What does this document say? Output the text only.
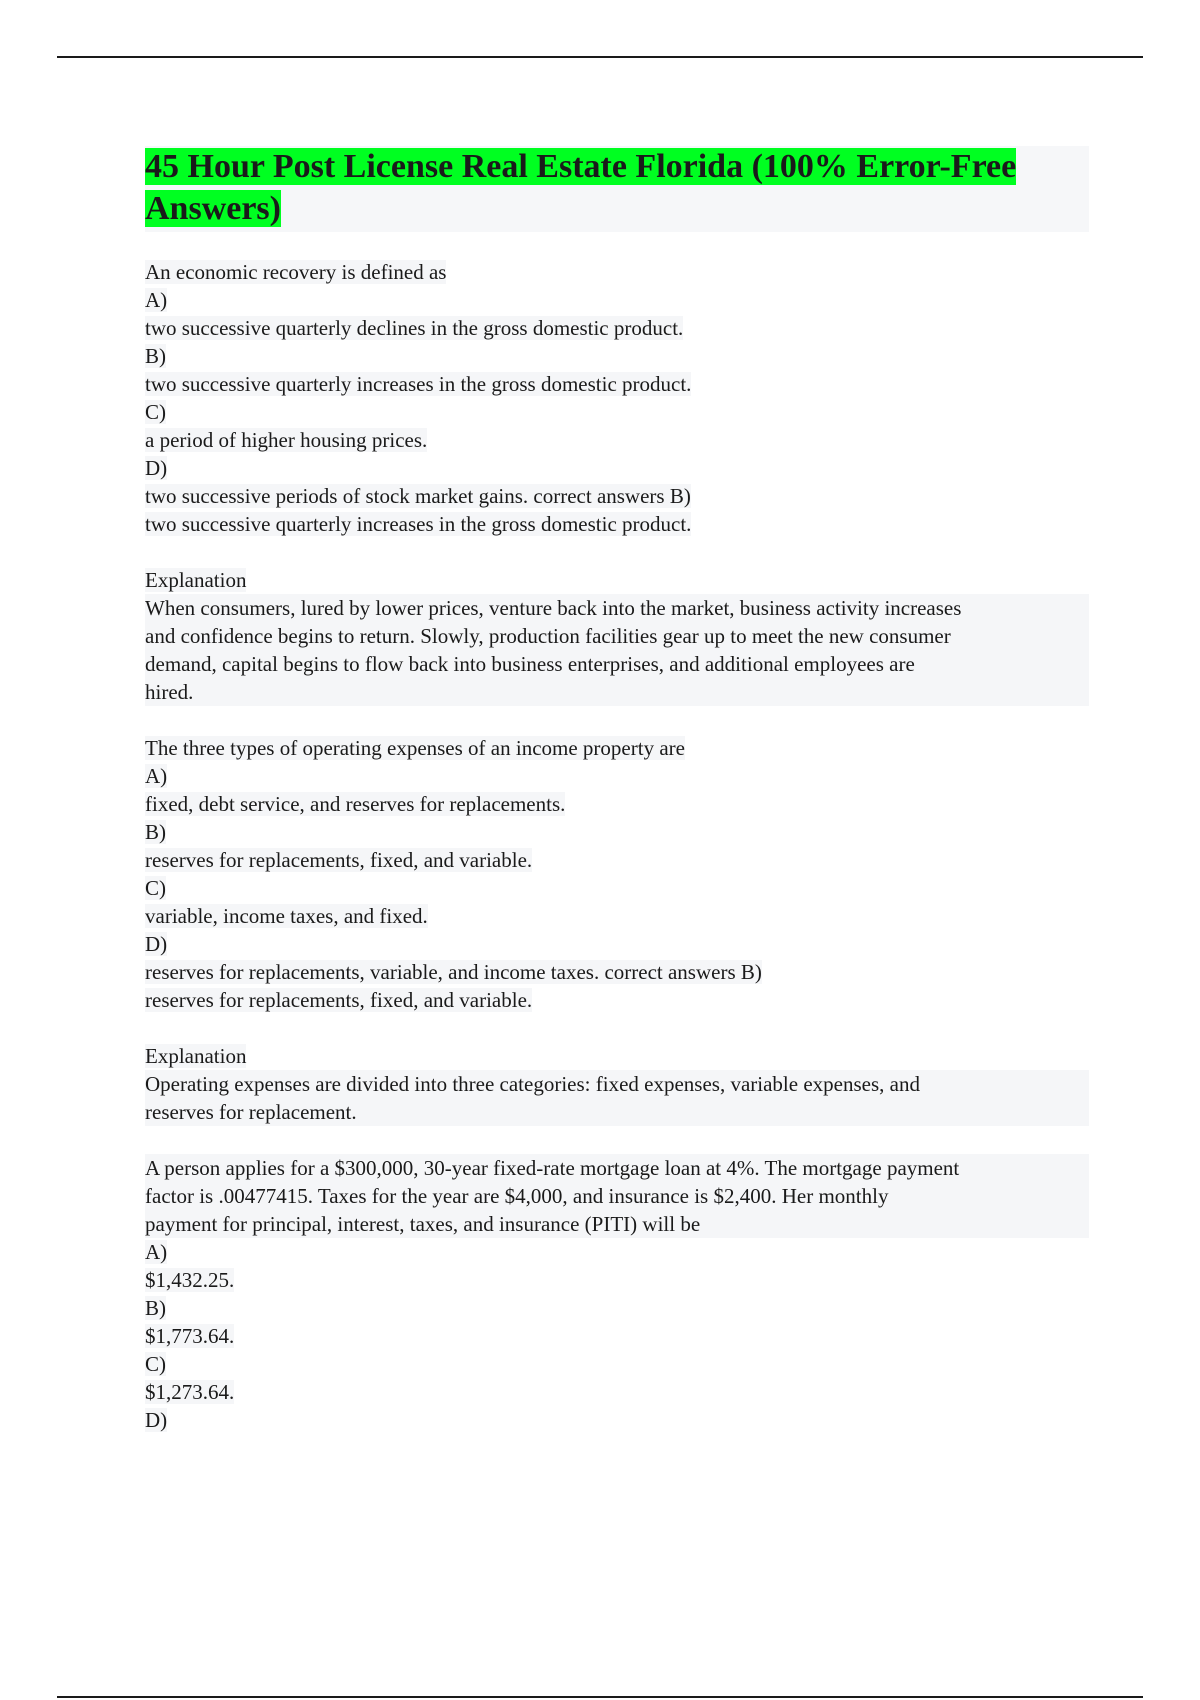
45 Hour Post License Real Estate Florida (100% Error-Free Answers)
An economic recovery is defined as
A)
two successive quarterly declines in the gross domestic product.
B)
two successive quarterly increases in the gross domestic product.
C)
a period of higher housing prices.
D)
two successive periods of stock market gains. correct answers B)
two successive quarterly increases in the gross domestic product.
Explanation
When consumers, lured by lower prices, venture back into the market, business activity increases
and confidence begins to return. Slowly, production facilities gear up to meet the new consumer
demand, capital begins to flow back into business enterprises, and additional employees are
hired.
The three types of operating expenses of an income property are
A)
fixed, debt service, and reserves for replacements.
B)
reserves for replacements, fixed, and variable.
C)
variable, income taxes, and fixed.
D)
reserves for replacements, variable, and income taxes. correct answers B)
reserves for replacements, fixed, and variable.
Explanation
Operating expenses are divided into three categories: fixed expenses, variable expenses, and
reserves for replacement.
A person applies for a $300,000, 30-year fixed-rate mortgage loan at 4%. The mortgage payment
factor is .00477415. Taxes for the year are $4,000, and insurance is $2,400. Her monthly
payment for principal, interest, taxes, and insurance (PITI) will be
A)
$1,432.25.
B)
$1,773.64.
C)
$1,273.64.
D)
